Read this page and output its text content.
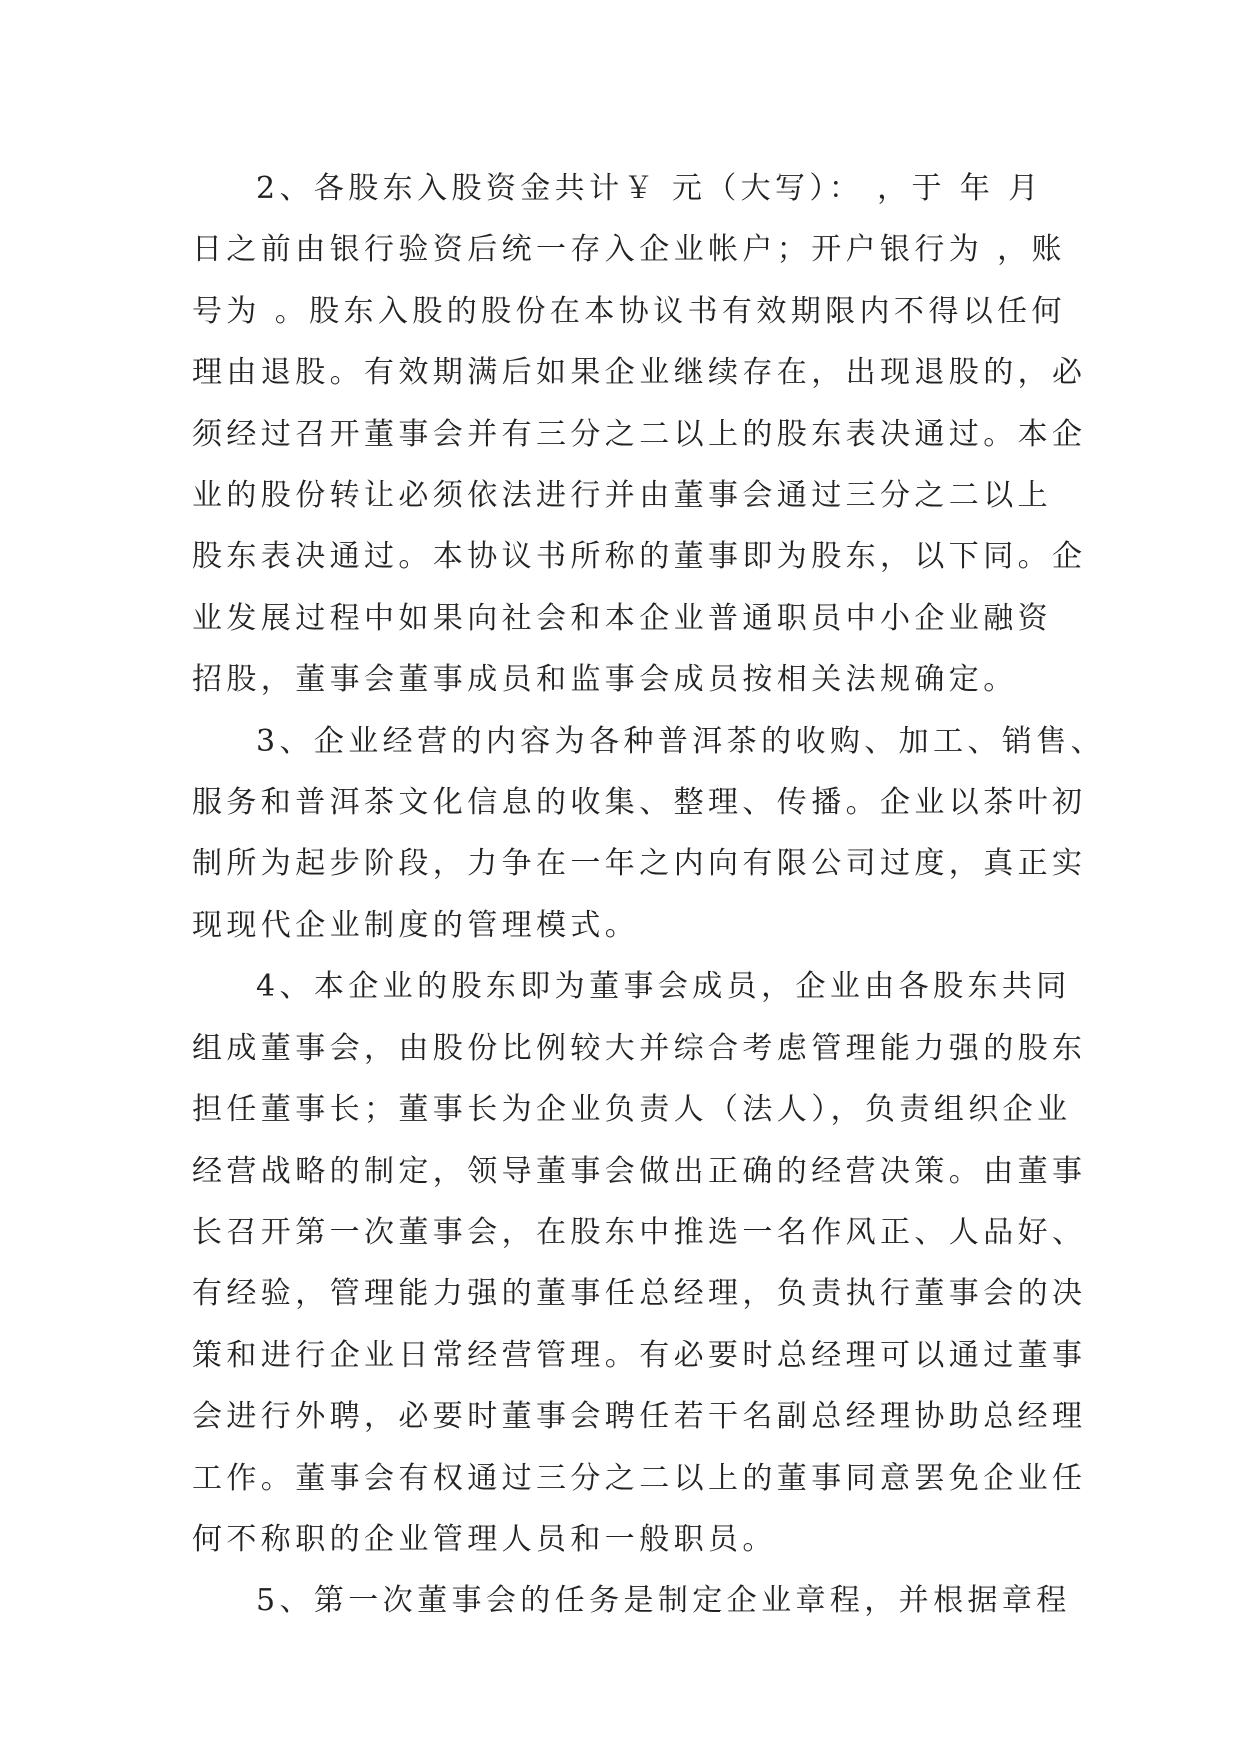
2、各股东入股资金共计￥ 元（大写）： ，于 年 月
日之前由银行验资后统一存入企业帐户；开户银行为 ，账
号为 。股东入股的股份在本协议书有效期限内不得以任何
理由退股。有效期满后如果企业继续存在，出现退股的，必
须经过召开董事会并有三分之二以上的股东表决通过。本企
业的股份转让必须依法进行并由董事会通过三分之二以上
股东表决通过。本协议书所称的董事即为股东，以下同。企
业发展过程中如果向社会和本企业普通职员中小企业融资
招股，董事会董事成员和监事会成员按相关法规确定。

3、企业经营的内容为各种普洱茶的收购、加工、销售、
服务和普洱茶文化信息的收集、整理、传播。企业以茶叶初
制所为起步阶段，力争在一年之内向有限公司过度，真正实
现现代企业制度的管理模式。

4、本企业的股东即为董事会成员，企业由各股东共同
组成董事会，由股份比例较大并综合考虑管理能力强的股东
担任董事长；董事长为企业负责人（法人），负责组织企业
经营战略的制定，领导董事会做出正确的经营决策。由董事
长召开第一次董事会，在股东中推选一名作风正、人品好、
有经验，管理能力强的董事任总经理，负责执行董事会的决
策和进行企业日常经营管理。有必要时总经理可以通过董事
会进行外聘，必要时董事会聘任若干名副总经理协助总经理
工作。董事会有权通过三分之二以上的董事同意罢免企业任
何不称职的企业管理人员和一般职员。

5、第一次董事会的任务是制定企业章程，并根据章程
